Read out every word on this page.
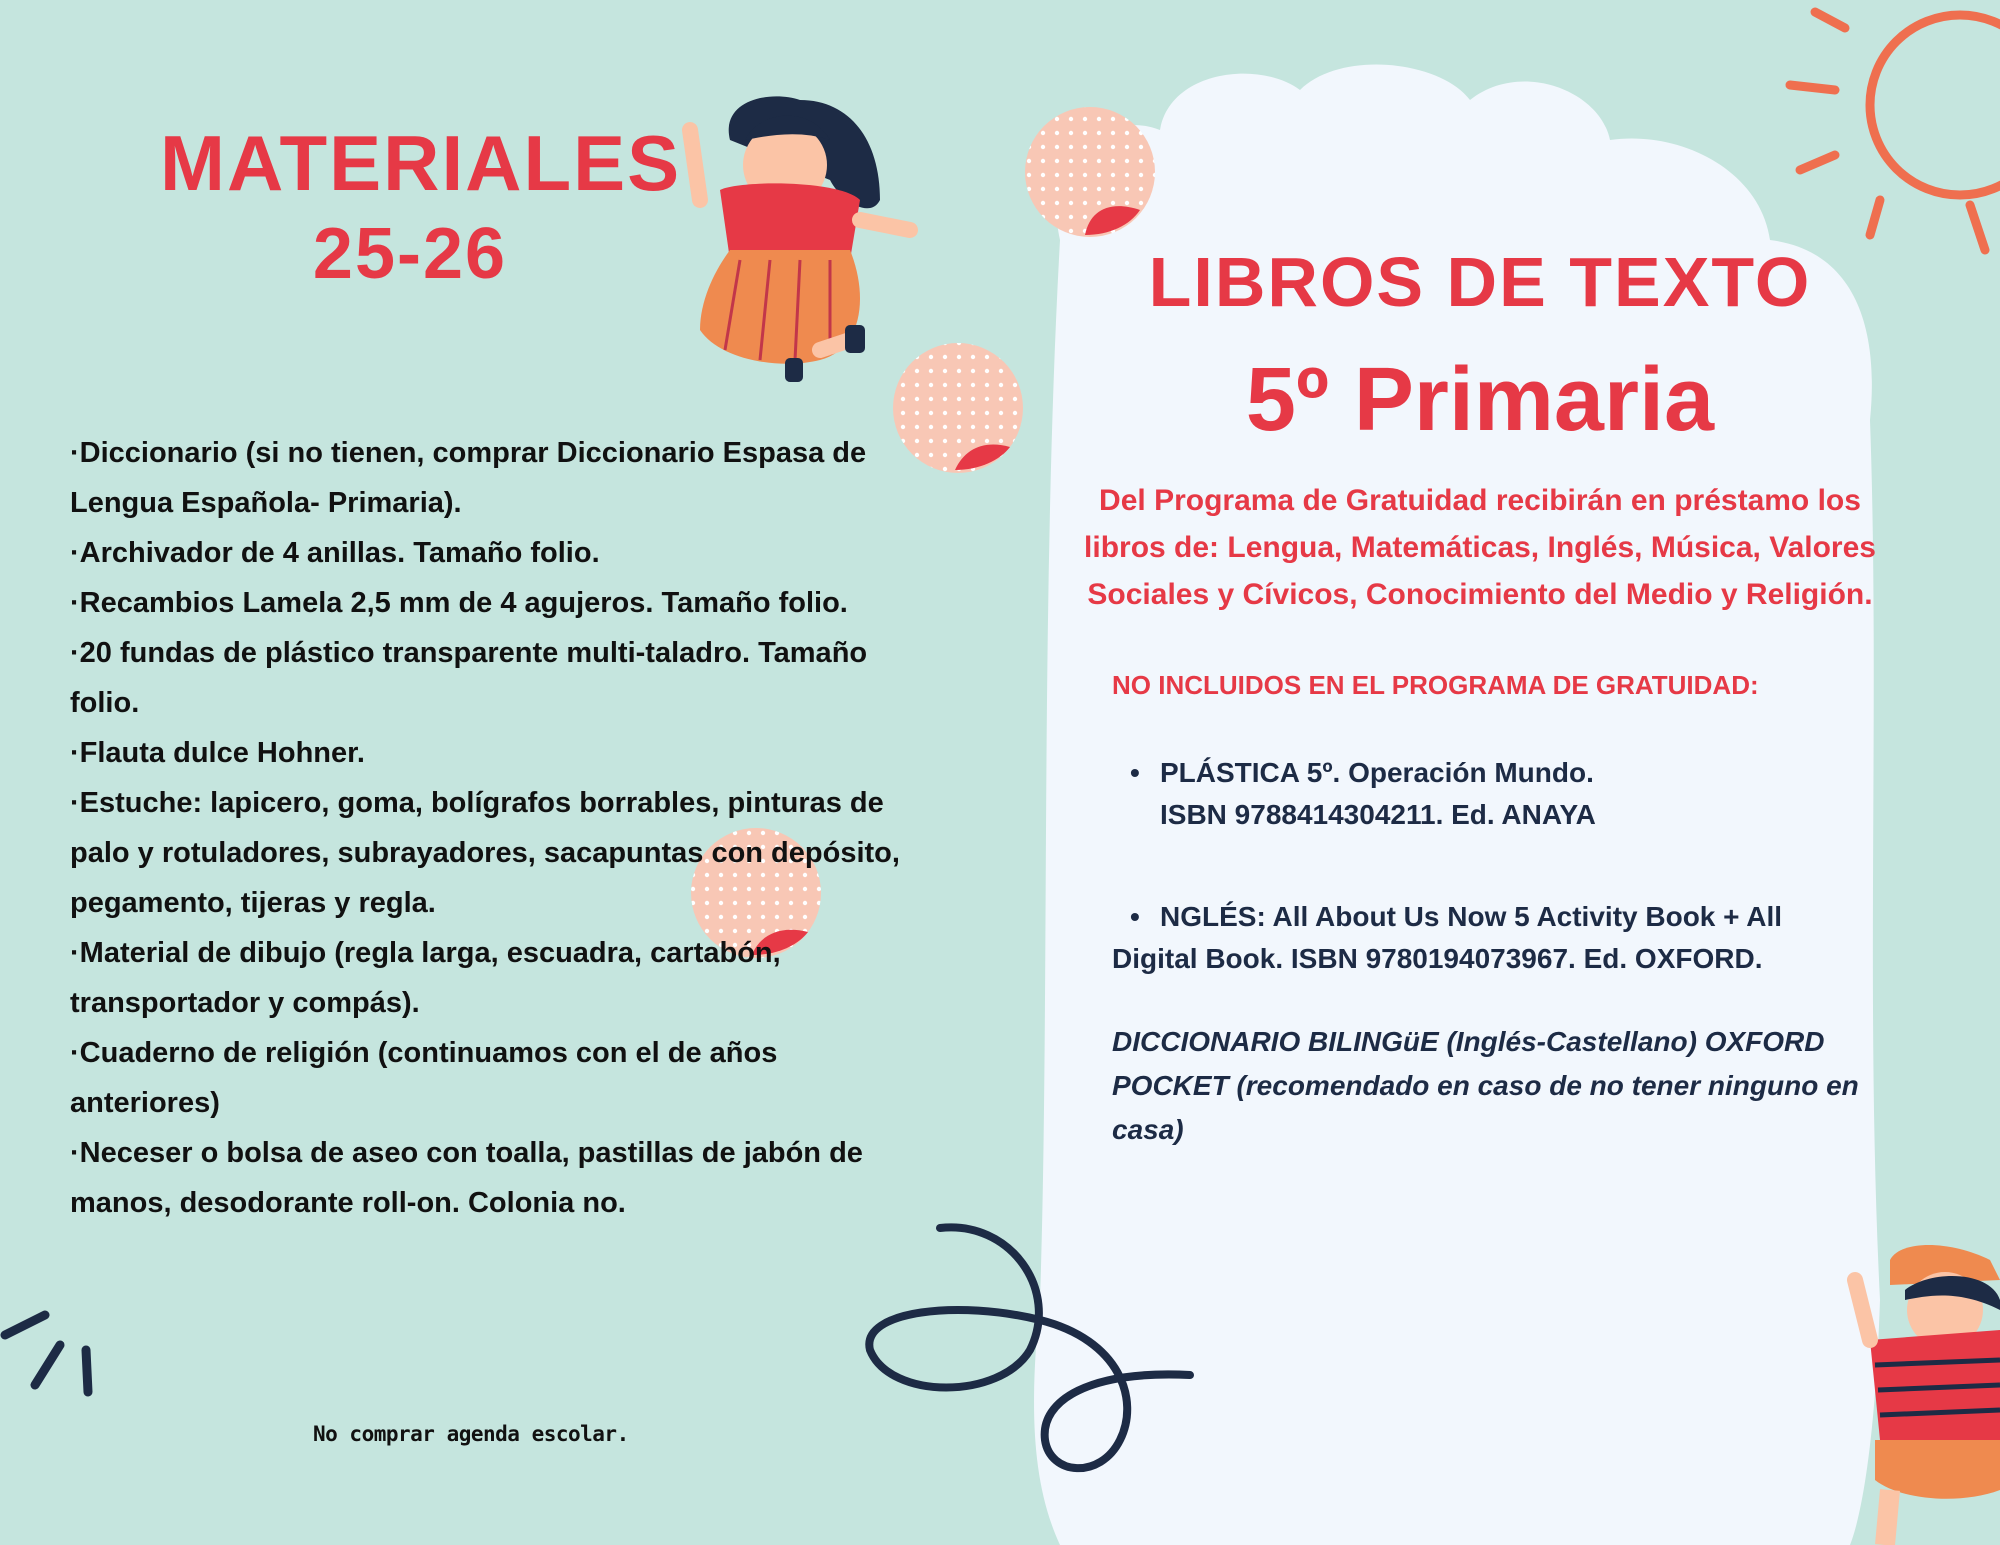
MATERIALES
25-26
·Diccionario (si no tienen, comprar Diccionario Espasa de Lengua Española- Primaria).
·Archivador de 4 anillas. Tamaño folio.
·Recambios Lamela 2,5 mm de 4 agujeros. Tamaño folio.
·20 fundas de plástico transparente multi-taladro. Tamaño folio.
·Flauta dulce Hohner.
·Estuche: lapicero, goma, bolígrafos borrables, pinturas de palo y rotuladores, subrayadores, sacapuntas con depósito, pegamento, tijeras y regla.
·Material de dibujo (regla larga, escuadra, cartabón, transportador y compás).
·Cuaderno de religión (continuamos con el de años anteriores)
·Neceser o bolsa de aseo con toalla, pastillas de jabón de manos, desodorante roll-on. Colonia no.
No comprar agenda escolar.
LIBROS DE TEXTO
5º Primaria
Del Programa de Gratuidad recibirán en préstamo los libros de: Lengua, Matemáticas, Inglés, Música, Valores Sociales y Cívicos, Conocimiento del Medio y Religión.
NO INCLUIDOS EN EL PROGRAMA DE GRATUIDAD:
• PLÁSTICA 5º. Operación Mundo.
ISBN 9788414304211. Ed. ANAYA
• NGLÉS: All About Us Now 5 Activity Book + All
Digital Book. ISBN 9780194073967. Ed. OXFORD.
DICCIONARIO BILINGüE (Inglés-Castellano) OXFORD POCKET (recomendado en caso de no tener ninguno en casa)
